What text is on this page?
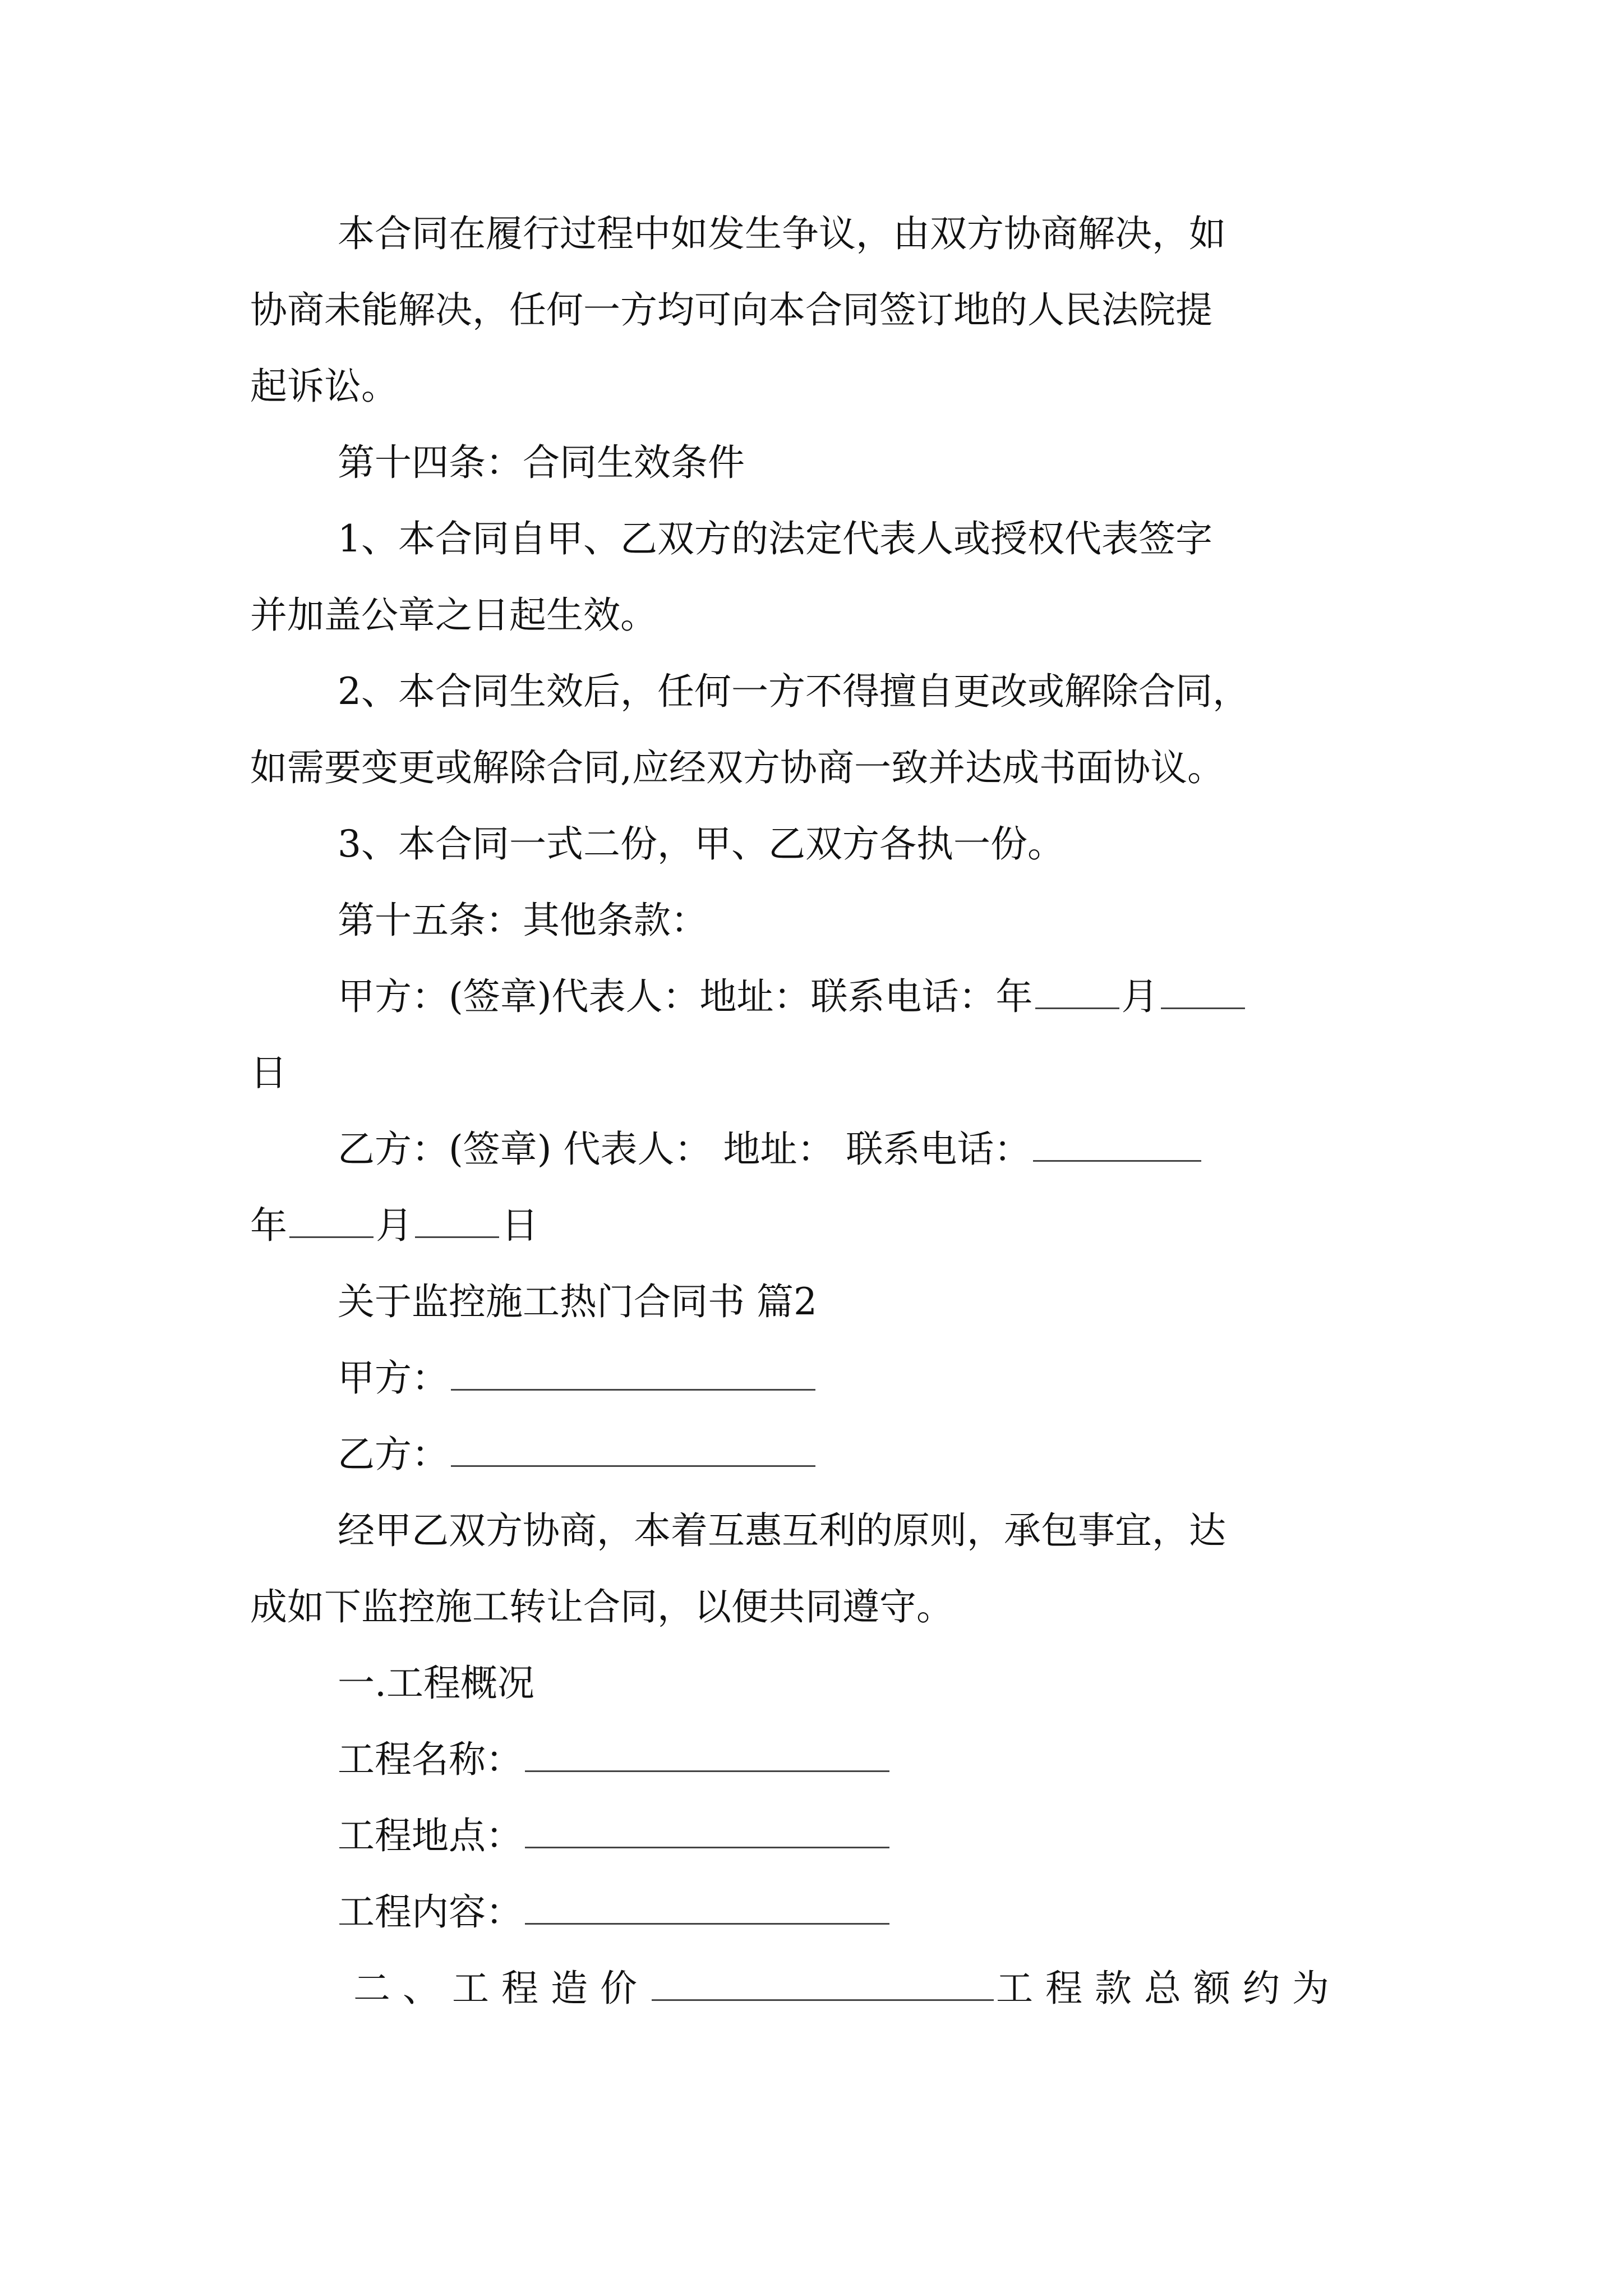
本合同在履行过程中如发生争议，由双方协商解决，如

协商未能解决，任何一方均可向本合同签订地的人民法院提

起诉讼。

第十四条：合同生效条件

1、本合同自甲、乙双方的法定代表人或授权代表签字

并加盖公章之日起生效。

2、本合同生效后，任何一方不得擅自更改或解除合同，

如需要变更或解除合同,应经双方协商一致并达成书面协议。

3、本合同一式二份，甲、乙双方各执一份。

第十五条：其他条款：

甲方：(签章)代表人：地址：联系电话：年 月

日

乙方：(签章) 代表人： 地址： 联系电话：
年 月 日

关于监控施工热门合同书 篇2

甲方：
乙方：

经甲乙双方协商，本着互惠互利的原则，承包事宜，达

成如下监控施工转让合同，以便共同遵守。

一.工程概况

工程名称：
工程地点：
工程内容：
二、工程造价	工程款总额约为
